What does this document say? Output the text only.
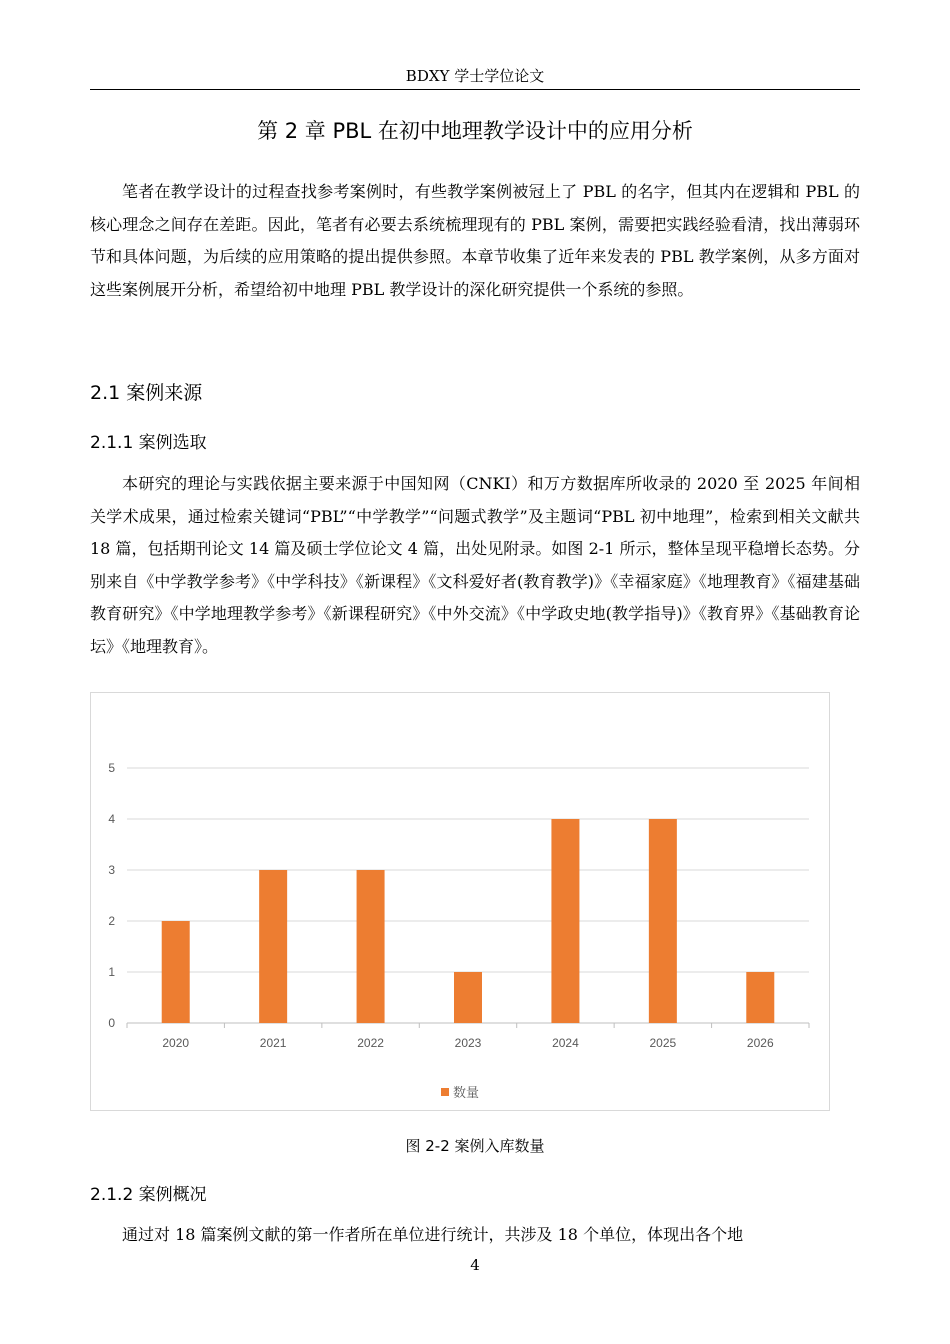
BDXY 学士学位论文
第 2 章 PBL 在初中地理教学设计中的应用分析

笔者在教学设计的过程查找参考案例时，有些教学案例被冠上了 PBL 的名字，但其内在逻辑和 PBL 的核心理念之间存在差距。因此，笔者有必要去系统梳理现有的 PBL 案例，需要把实践经验看清，找出薄弱环节和具体问题，为后续的应用策略的提出提供参照。本章节收集了近年来发表的 PBL 教学案例，从多方面对这些案例展开分析，希望给初中地理 PBL 教学设计的深化研究提供一个系统的参照。

2.1 案例来源
2.1.1 案例选取

本研究的理论与实践依据主要来源于中国知网（CNKI）和万方数据库所收录的 2020 至 2025 年间相关学术成果，通过检索关键词“PBL”“中学教学”“问题式教学”及主题词“PBL 初中地理”，检索到相关文献共 18 篇，包括期刊论文 14 篇及硕士学位论文 4 篇，出处见附录。如图 2-1 所示，整体呈现平稳增长态势。分别来自《中学教学参考》《中学科技》《新课程》《文科爱好者(教育教学)》《幸福家庭》《地理教育》《福建基础教育研究》《中学地理教学参考》《新课程研究》《中外交流》《中学政史地(教学指导)》《教育界》《基础教育论坛》《地理教育》。

0
1
2
3
4
5
2020	2021	2022	2023	2024	2025	2026
数量
图 2-2 案例入库数量
2.1.2 案例概况

通过对 18 篇案例文献的第一作者所在单位进行统计，共涉及 18 个单位，体现出各个地

4
